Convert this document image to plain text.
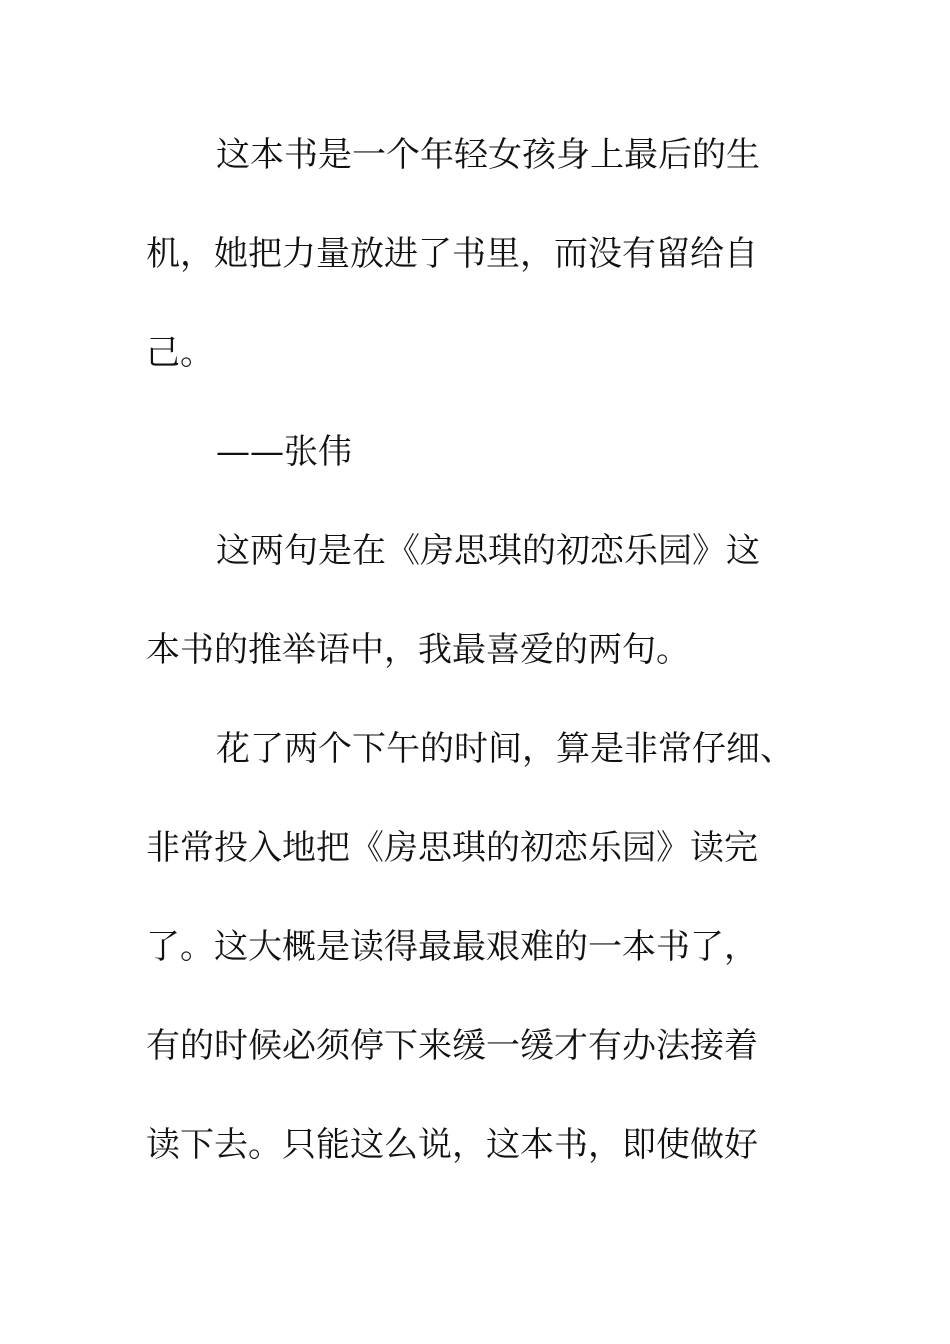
这本书是一个年轻女孩身上最后的生

机，她把力量放进了书里，而没有留给自

己。

——张伟

这两句是在《房思琪的初恋乐园》这

本书的推举语中，我最喜爱的两句。

花了两个下午的时间，算是非常仔细、

非常投入地把《房思琪的初恋乐园》读完

了。这大概是读得最最艰难的一本书了，

有的时候必须停下来缓一缓才有办法接着

读下去。只能这么说，这本书，即使做好
